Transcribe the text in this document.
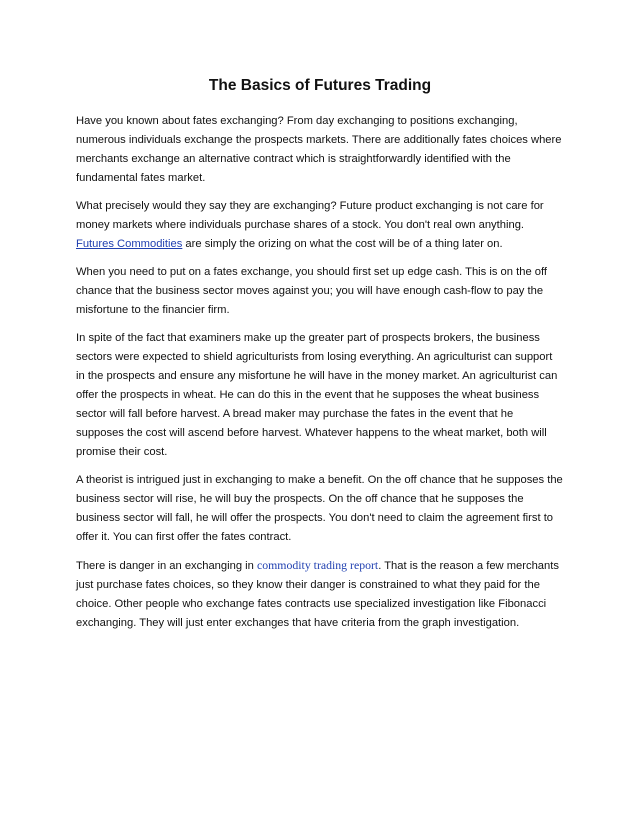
The Basics of Futures Trading

Have you known about fates exchanging? From day exchanging to positions exchanging, numerous individuals exchange the prospects markets. There are additionally fates choices where merchants exchange an alternative contract which is straightforwardly identified with the fundamental fates market.

What precisely would they say they are exchanging? Future product exchanging is not care for money markets where individuals purchase shares of a stock. You don't real own anything. Futures Commodities are simply the orizing on what the cost will be of a thing later on.

When you need to put on a fates exchange, you should first set up edge cash. This is on the off chance that the business sector moves against you; you will have enough cash-flow to pay the misfortune to the financier firm.

In spite of the fact that examiners make up the greater part of prospects brokers, the business sectors were expected to shield agriculturists from losing everything. An agriculturist can support in the prospects and ensure any misfortune he will have in the money market. An agriculturist can offer the prospects in wheat. He can do this in the event that he supposes the wheat business sector will fall before harvest. A bread maker may purchase the fates in the event that he supposes the cost will ascend before harvest. Whatever happens to the wheat market, both will promise their cost.

A theorist is intrigued just in exchanging to make a benefit. On the off chance that he supposes the business sector will rise, he will buy the prospects. On the off chance that he supposes the business sector will fall, he will offer the prospects. You don't need to claim the agreement first to offer it. You can first offer the fates contract.

There is danger in an exchanging in commodity trading report. That is the reason a few merchants just purchase fates choices, so they know their danger is constrained to what they paid for the choice. Other people who exchange fates contracts use specialized investigation like Fibonacci exchanging. They will just enter exchanges that have criteria from the graph investigation.
